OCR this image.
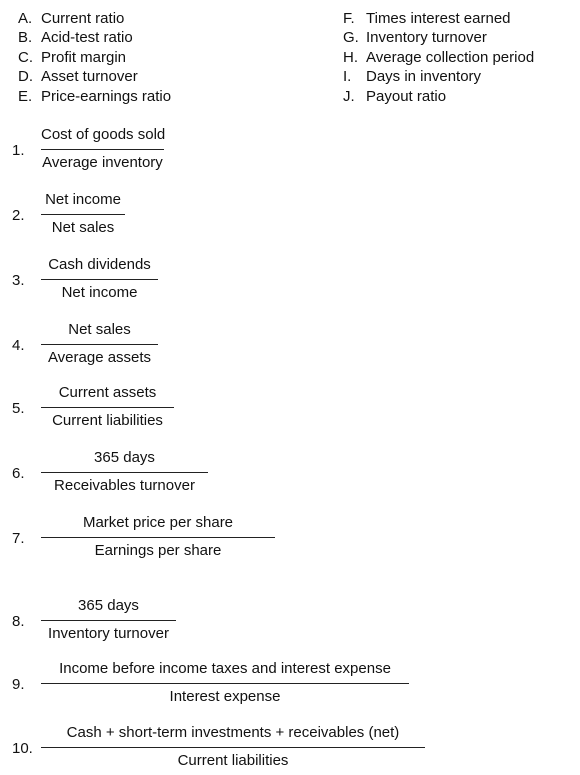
A. Current ratio
B. Acid-test ratio
C. Profit margin
D. Asset turnover
E. Price-earnings ratio
F. Times interest earned
G. Inventory turnover
H. Average collection period
I. Days in inventory
J. Payout ratio
1.
Cost of goods sold
Average inventory
2.
Net income
Net sales
3.
Cash dividends
Net income
4.
Net sales
Average assets
5.
Current assets
Current liabilities
6.
365 days
Receivables turnover
7.
Market price per share
Earnings per share
8.
365 days
Inventory turnover
9.
Income before income taxes and interest expense
Interest expense
10.
Cash + short-term investments + receivables (net)
Current liabilities
